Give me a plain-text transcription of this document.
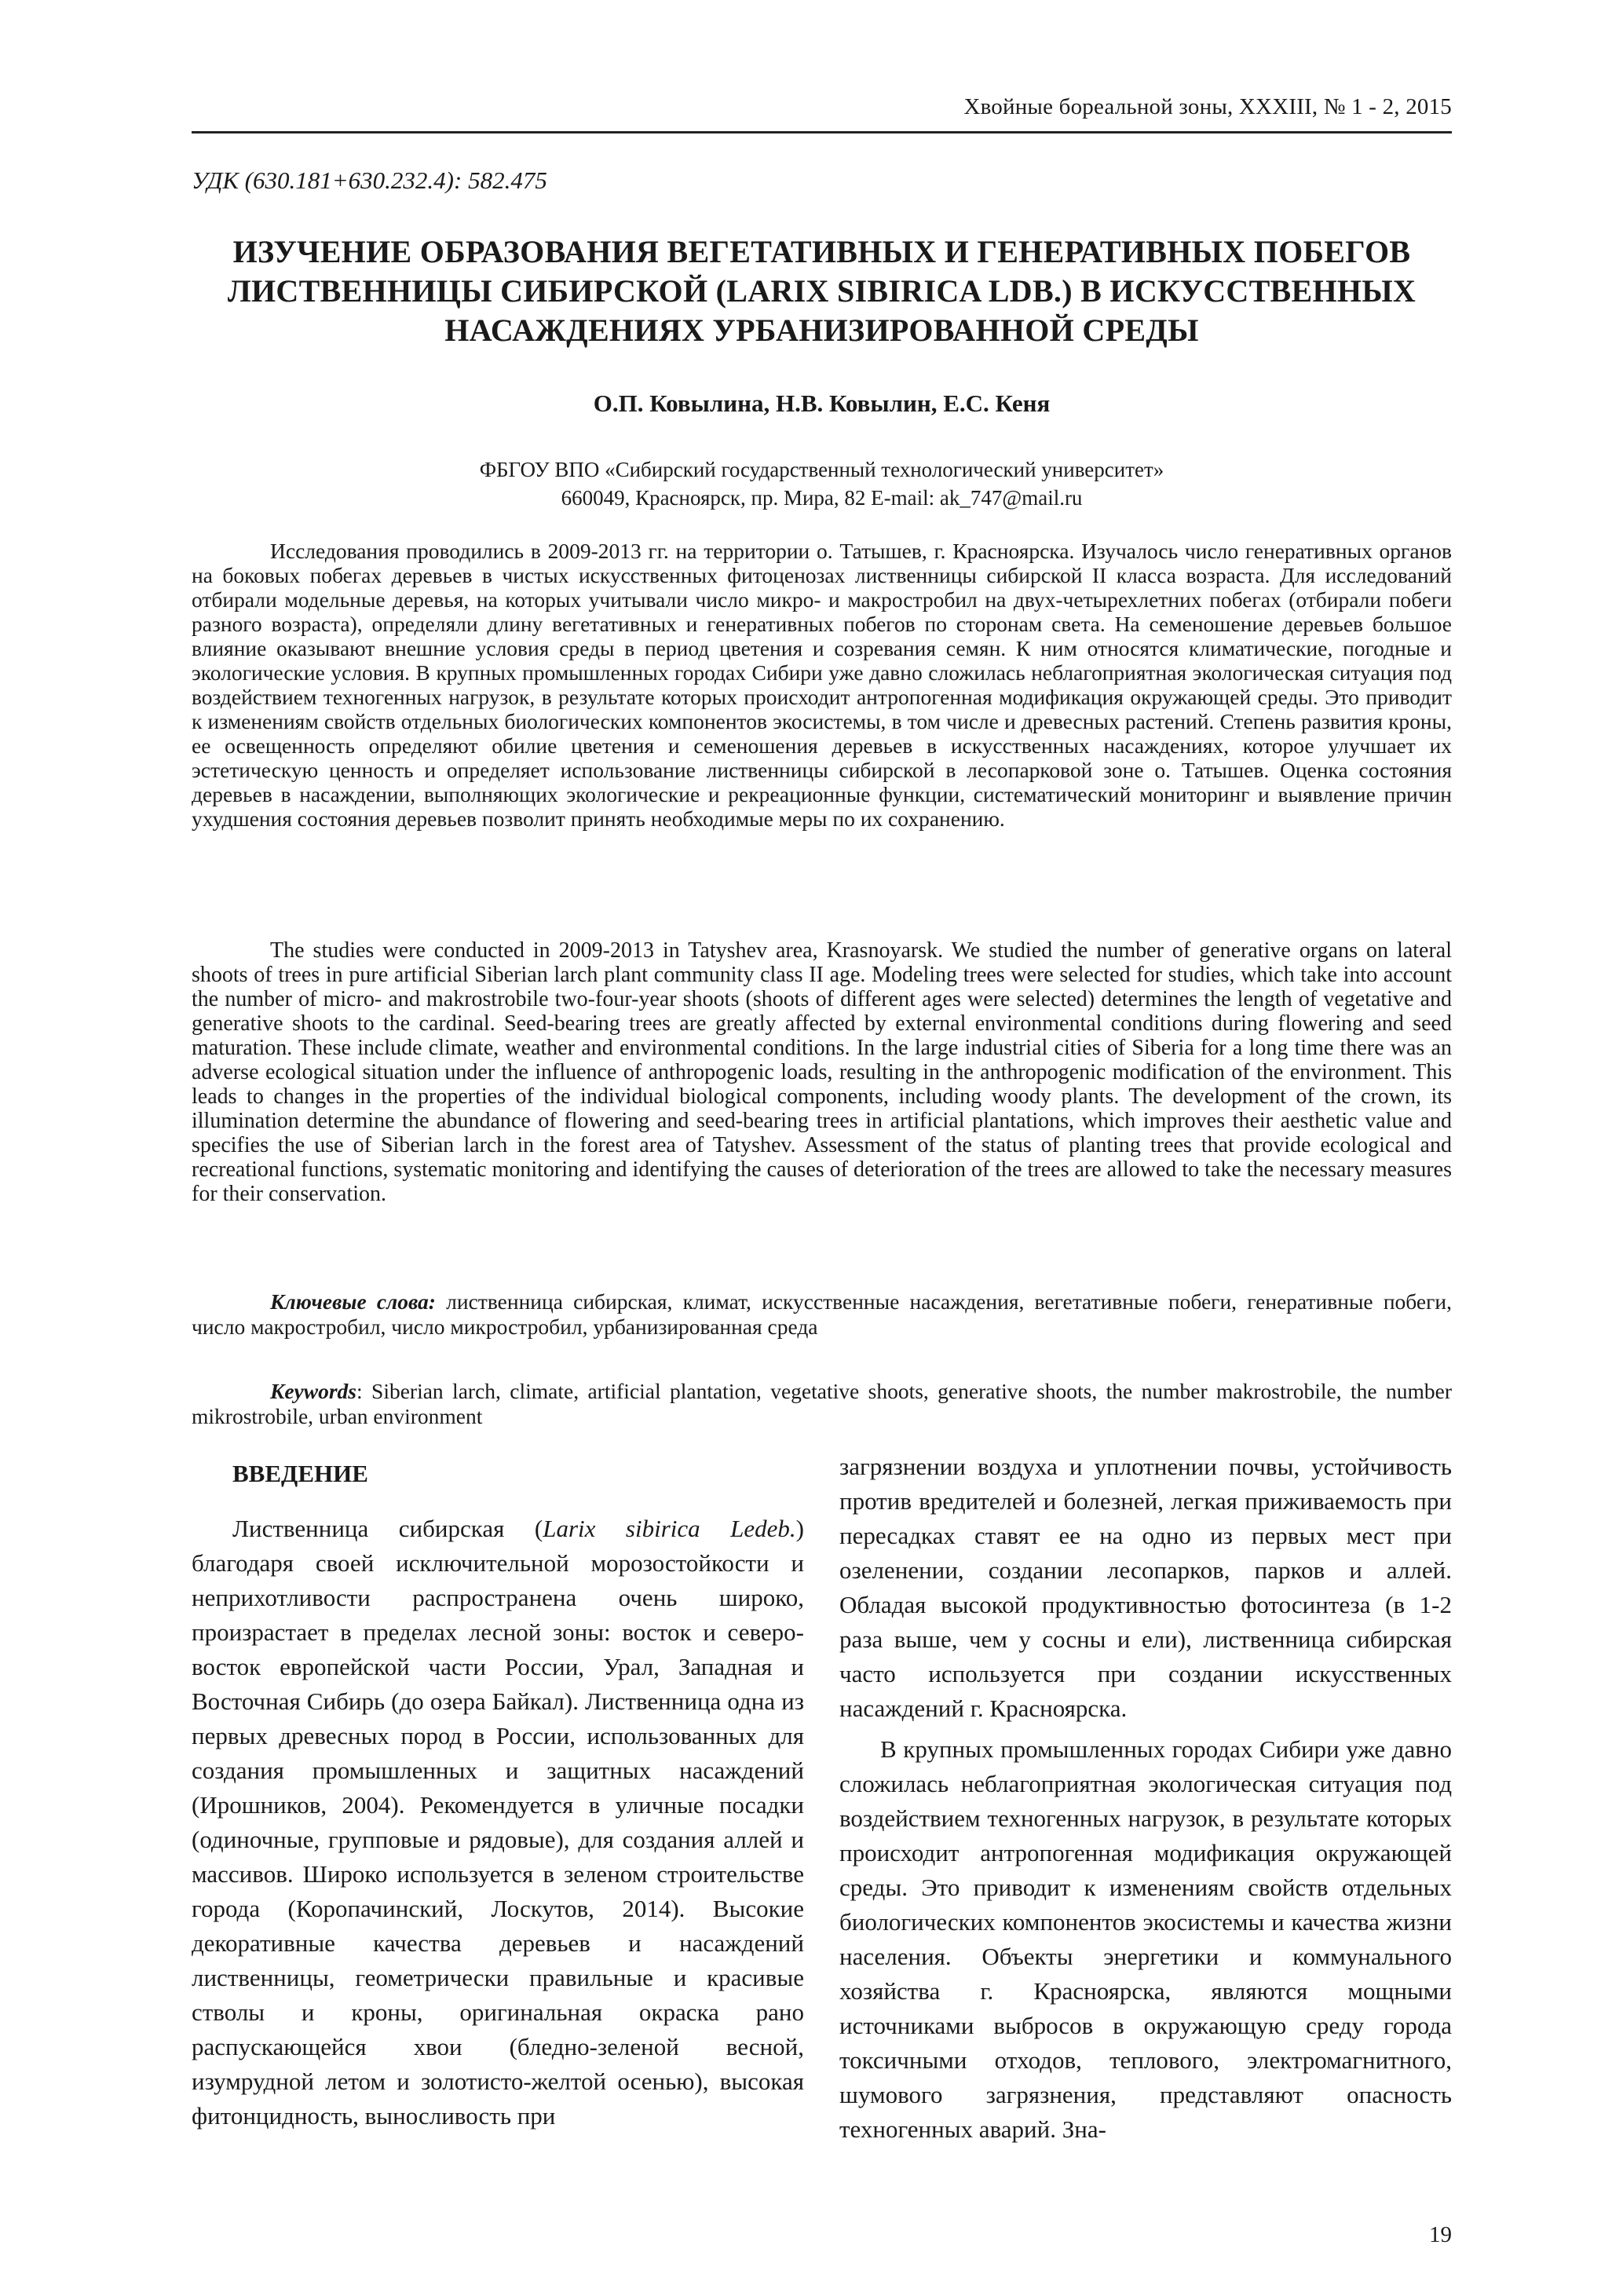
Хвойные бореальной зоны, XXXIII, № 1 - 2, 2015
УДК (630.181+630.232.4): 582.475
ИЗУЧЕНИЕ ОБРАЗОВАНИЯ ВЕГЕТАТИВНЫХ И ГЕНЕРАТИВНЫХ ПОБЕГОВ
ЛИСТВЕННИЦЫ СИБИРСКОЙ (LARIX SIBIRICA LDB.) В ИСКУССТВЕННЫХ
НАСАЖДЕНИЯХ УРБАНИЗИРОВАННОЙ СРЕДЫ
О.П. Ковылина, Н.В. Ковылин, Е.С. Кеня
ФБГОУ ВПО «Сибирский государственный технологический университет»
660049, Красноярск, пр. Мира, 82 E-mail: ak_747@mail.ru

Исследования проводились в 2009-2013 гг. на территории о. Татышев, г. Красноярска. Изучалось число генеративных органов на боковых побегах деревьев в чистых искусственных фитоценозах лиственницы сибирской II класса возраста. Для исследований отбирали модельные деревья, на которых учитывали число микро- и макростробил на двух-четырехлетних побегах (отбирали побеги разного возраста), определяли длину вегетативных и генеративных побегов по сторонам света. На семеношение деревьев большое влияние оказывают внешние условия среды в период цветения и созревания семян. К ним относятся климатические, погодные и экологические условия. В крупных промышленных городах Сибири уже давно сложилась неблагоприятная экологическая ситуация под воздействием техногенных нагрузок, в результате которых происходит антропогенная модификация окружающей среды. Это приводит к изменениям свойств отдельных биологических компонентов экосистемы, в том числе и древесных растений. Степень развития кроны, ее освещенность определяют обилие цветения и семеношения деревьев в искусственных насаждениях, которое улучшает их эстетическую ценность и определяет использование лиственницы сибирской в лесопарковой зоне о. Татышев. Оценка состояния деревьев в насаждении, выполняющих экологические и рекреационные функции, систематический мониторинг и выявление причин ухудшения состояния деревьев позволит принять необходимые меры по их сохранению.

The studies were conducted in 2009-2013 in Tatyshev area, Krasnoyarsk. We studied the number of generative organs on lateral shoots of trees in pure artificial Siberian larch plant community class II age. Modeling trees were selected for studies, which take into account the number of micro- and makrostrobile two-four-year shoots (shoots of different ages were selected) determines the length of vegetative and generative shoots to the cardinal. Seed-bearing trees are greatly affected by external environmental conditions during flowering and seed maturation. These include climate, weather and environmental conditions. In the large industrial cities of Siberia for a long time there was an adverse ecological situation under the influence of anthropogenic loads, resulting in the anthropogenic modification of the environment. This leads to changes in the properties of the individual biological components, including woody plants. The development of the crown, its illumination determine the abundance of flowering and seed-bearing trees in artificial plantations, which improves their aesthetic value and specifies the use of Siberian larch in the forest area of Tatyshev. Assessment of the status of planting trees that provide ecological and recreational functions, systematic monitoring and identifying the causes of deterioration of the trees are allowed to take the necessary measures for their conservation.

Ключевые слова: лиственница сибирская, климат, искусственные насаждения, вегетативные побеги, генеративные побеги, число макростробил, число микростробил, урбанизированная среда

Keywords: Siberian larch, climate, artificial plantation, vegetative shoots, generative shoots, the number makrostrobile, the number mikrostrobile, urban environment

ВВЕДЕНИЕ

Лиственница сибирская (Larix sibirica Ledeb.) благодаря своей исключительной морозостойкости и неприхотливости распространена очень широко, произрастает в пределах лесной зоны: восток и северо-восток европейской части России, Урал, Западная и Восточная Сибирь (до озера Байкал). Лиственница одна из первых древесных пород в России, использованных для создания промышленных и защитных насаждений (Ирошников, 2004). Рекомендуется в уличные посадки (одиночные, групповые и рядовые), для создания аллей и массивов. Широко используется в зеленом строительстве города (Коропачинский, Лоскутов, 2014). Высокие декоративные качества деревьев и насаждений лиственницы, геометрически правильные и красивые стволы и кроны, оригинальная окраска рано распускающейся хвои (бледно-зеленой весной, изумрудной летом и золотисто-желтой осенью), высокая фитонцидность, выносливость при

загрязнении воздуха и уплотнении почвы, устойчивость против вредителей и болезней, легкая приживаемость при пересадках ставят ее на одно из первых мест при озеленении, создании лесопарков, парков и аллей. Обладая высокой продуктивностью фотосинтеза (в 1-2 раза выше, чем у сосны и ели), лиственница сибирская часто используется при создании искусственных насаждений г. Красноярска.

В крупных промышленных городах Сибири уже давно сложилась неблагоприятная экологическая ситуация под воздействием техногенных нагрузок, в результате которых происходит антропогенная модификация окружающей среды. Это приводит к изменениям свойств отдельных биологических компонентов экосистемы и качества жизни населения. Объекты энергетики и коммунального хозяйства г. Красноярска, являются мощными источниками выбросов в окружающую среду города токсичными отходов, теплового, электромагнитного, шумового загрязнения, представляют опасность техногенных аварий. Зна-

19
